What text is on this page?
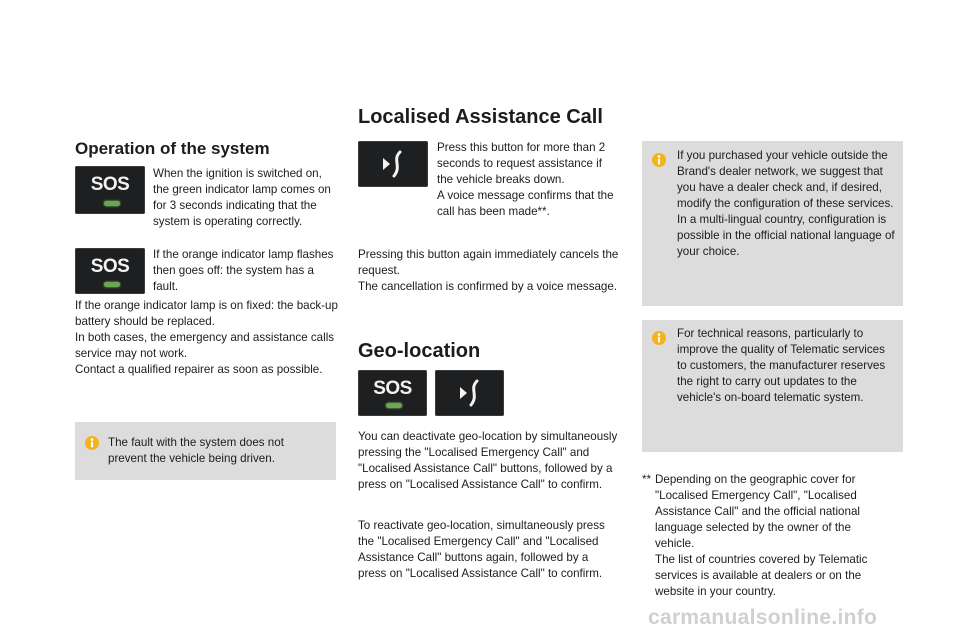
Operation of the system
SOS

When the ignition is switched on, the green indicator lamp comes on for 3 seconds indicating that the system is operating correctly.

SOS

If the orange indicator lamp flashes then goes off: the system has a fault.

If the orange indicator lamp is on fixed: the back-up battery should be replaced.
In both cases, the emergency and assistance calls service may not work.
Contact a qualified repairer as soon as possible.

The fault with the system does not prevent the vehicle being driven.

Localised Assistance Call

Press this button for more than 2 seconds to request assistance if the vehicle breaks down.
A voice message confirms that the call has been made**.

Pressing this button again immediately cancels the request.
The cancellation is confirmed by a voice message.

Geo-location
SOS

You can deactivate geo-location by simultaneously pressing the "Localised Emergency Call" and "Localised Assistance Call" buttons, followed by a press on "Localised Assistance Call" to confirm.

To reactivate geo-location, simultaneously press the "Localised Emergency Call" and "Localised Assistance Call" buttons again, followed by a press on "Localised Assistance Call" to confirm.

If you purchased your vehicle outside the Brand's dealer network, we suggest that you have a dealer check and, if desired, modify the configuration of these services.
In a multi-lingual country, configuration is possible in the official national language of your choice.

For technical reasons, particularly to improve the quality of Telematic services to customers, the manufacturer reserves the right to carry out updates to the vehicle's on-board telematic system.

** Depending on the geographic cover for "Localised Emergency Call", "Localised Assistance Call" and the official national language selected by the owner of the vehicle.

The list of countries covered by Telematic services is available at dealers or on the website in your country.

carmanualsonline.info
